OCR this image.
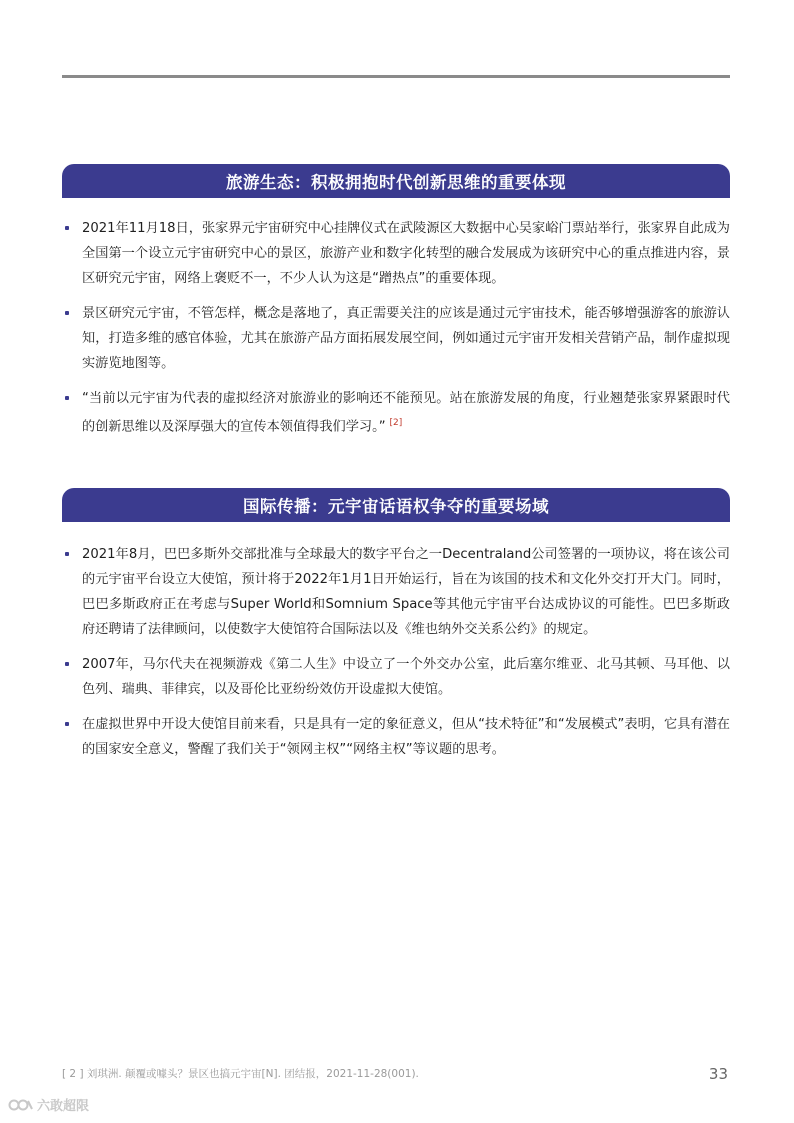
旅游生态：积极拥抱时代创新思维的重要体现
2021年11月18日，张家界元宇宙研究中心挂牌仪式在武陵源区大数据中心吴家峪门票站举行，张家界自此成为全国第一个设立元宇宙研究中心的景区，旅游产业和数字化转型的融合发展成为该研究中心的重点推进内容，景区研究元宇宙，网络上褒贬不一，不少人认为这是“蹭热点”的重要体现。
景区研究元宇宙，不管怎样，概念是落地了，真正需要关注的应该是通过元宇宙技术，能否够增强游客的旅游认知，打造多维的感官体验，尤其在旅游产品方面拓展发展空间，例如通过元宇宙开发相关营销产品，制作虚拟现实游览地图等。
“当前以元宇宙为代表的虚拟经济对旅游业的影响还不能预见。站在旅游发展的角度，行业翘楚张家界紧跟时代的创新思维以及深厚强大的宣传本领值得我们学习。” [2]
国际传播：元宇宙话语权争夺的重要场域
2021年8月，巴巴多斯外交部批准与全球最大的数字平台之一Decentraland公司签署的一项协议，将在该公司的元宇宙平台设立大使馆，预计将于2022年1月1日开始运行，旨在为该国的技术和文化外交打开大门。同时，巴巴多斯政府正在考虑与Super World和Somnium Space等其他元宇宙平台达成协议的可能性。巴巴多斯政府还聘请了法律顾问，以使数字大使馆符合国际法以及《维也纳外交关系公约》的规定。
2007年，马尔代夫在视频游戏《第二人生》中设立了一个外交办公室，此后塞尔维亚、北马其顿、马耳他、以色列、瑞典、菲律宾，以及哥伦比亚纷纷效仿开设虚拟大使馆。
在虚拟世界中开设大使馆目前来看，只是具有一定的象征意义，但从“技术特征”和“发展模式”表明，它具有潜在的国家安全意义，警醒了我们关于“领网主权”“网络主权”等议题的思考。
[ 2 ] 刘琪洲. 颠覆或噱头？景区也搞元宇宙[N]. 团结报，2021-11-28(001).	33
六敢超限
